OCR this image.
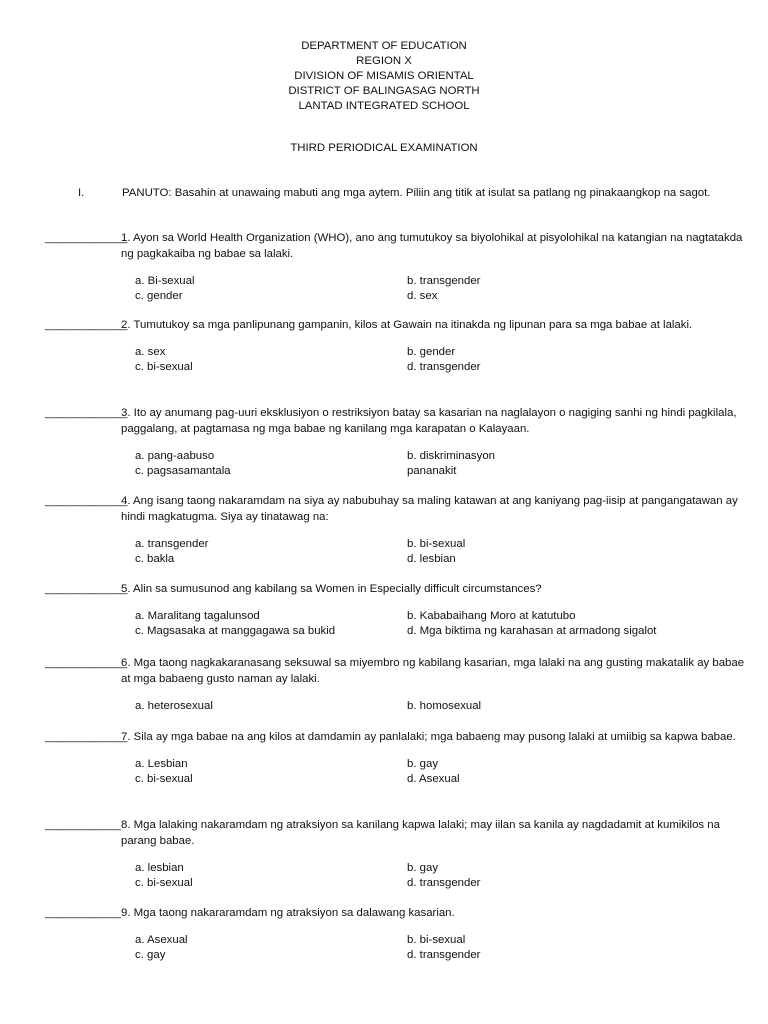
DEPARTMENT OF EDUCATION
REGION X
DIVISION OF MISAMIS ORIENTAL
DISTRICT OF BALINGASAG NORTH
LANTAD INTEGRATED SCHOOL
THIRD PERIODICAL EXAMINATION
I.	PANUTO: Basahin at unawaing mabuti ang mga aytem. Piliin ang titik at isulat sa patlang ng pinakaangkop na sagot.
_____________
1. Ayon sa World Health Organization (WHO), ano ang tumutukoy sa biyolohikal at pisyolohikal na katangian na nagtatakda ng pagkakaiba ng babae sa lalaki.
a. Bi-sexual	b. transgender
c. gender	d. sex
_____________
2. Tumutukoy sa mga panlipunang gampanin, kilos at Gawain na itinakda ng lipunan para sa mga babae at lalaki.
a. sex	b. gender
c. bi-sexual	d. transgender
_____________
3. Ito ay anumang pag-uuri eksklusiyon o restriksiyon batay sa kasarian na naglalayon o nagiging sanhi ng hindi pagkilala, paggalang, at pagtamasa ng mga babae ng kanilang mga karapatan o Kalayaan.
a. pang-aabuso	b. diskriminasyon
c. pagsasamantala	pananakit
_____________
4. Ang isang taong nakaramdam na siya ay nabubuhay sa maling katawan at ang kaniyang pag-iisip at pangangatawan ay hindi magkatugma. Siya ay tinatawag na:
a. transgender	b. bi-sexual
c. bakla	d. lesbian
_____________
5. Alin sa sumusunod ang kabilang sa Women in Especially difficult circumstances?
a. Maralitang tagalunsod	b. Kababaihang Moro at katutubo
c. Magsasaka at manggagawa sa bukid	d. Mga biktima ng karahasan at armadong sigalot
_____________
6. Mga taong nagkakaranasang seksuwal sa miyembro ng kabilang kasarian, mga lalaki na ang gusting makatalik ay babae at mga babaeng gusto naman ay lalaki.
a. heterosexual	b. homosexual
_____________
7. Sila ay mga babae na ang kilos at damdamin ay panlalaki; mga babaeng may pusong lalaki at umiibig sa kapwa babae.
a. Lesbian	b. gay
c. bi-sexual	d. Asexual
____________ 8. Mga lalaking nakaramdam ng atraksiyon sa kanilang kapwa lalaki; may iilan sa kanila ay nagdadamit at kumikilos na parang babae.
a. lesbian	b. gay
c. bi-sexual	d. transgender
____________ 9. Mga taong nakararamdam ng atraksiyon sa dalawang kasarian.
a. Asexual	b. bi-sexual
c. gay	d. transgender
